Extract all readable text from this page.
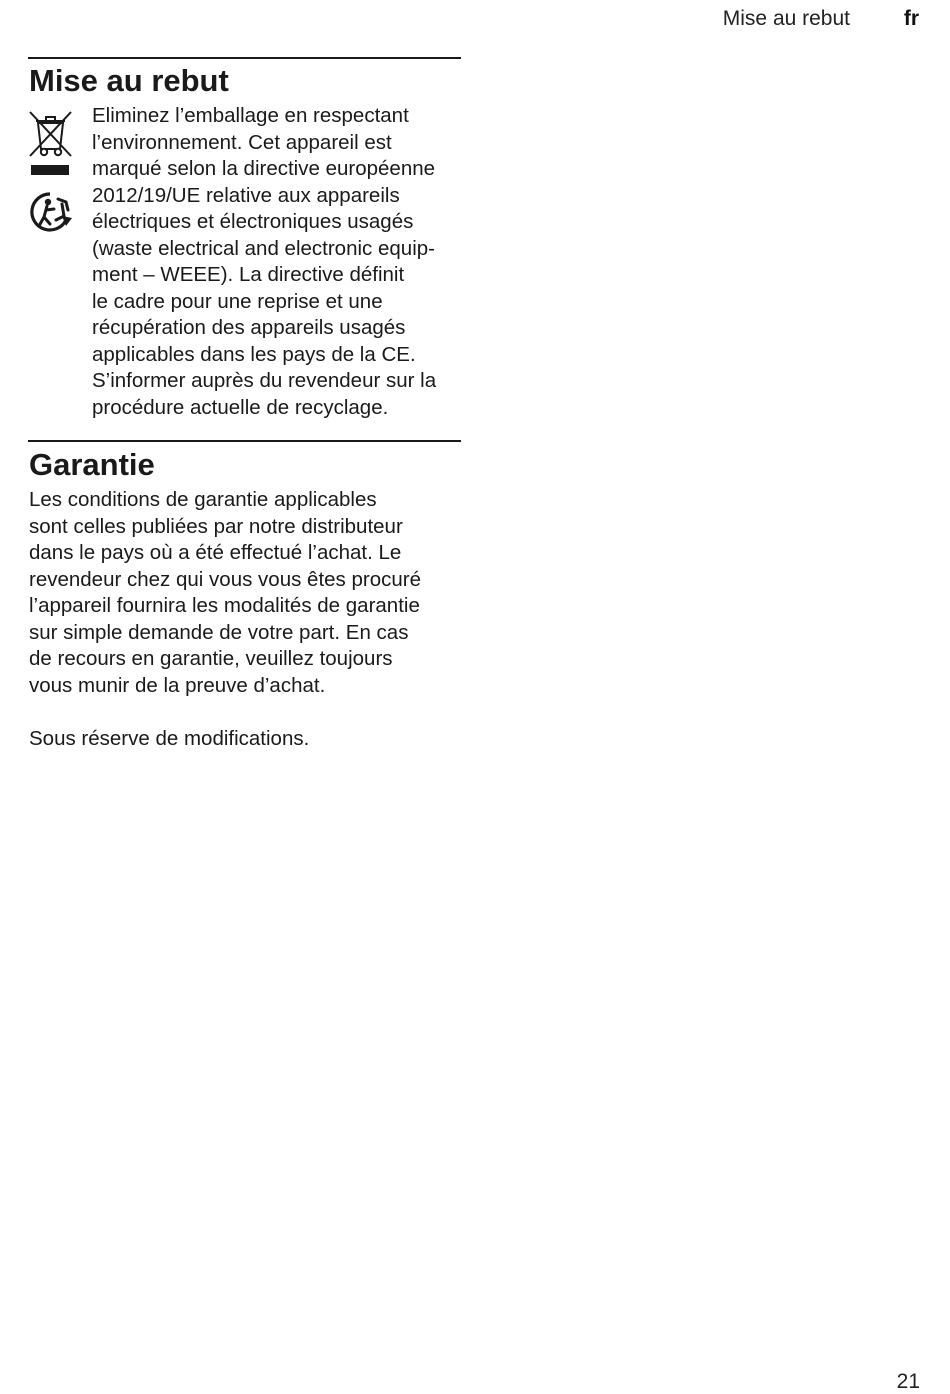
Mise au rebut	fr
Mise au rebut
Eliminez l’emballage en respectant
l’environnement. Cet appareil est
marqué selon la directive européenne
2012/19/UE relative aux appareils
électriques et électroniques usagés
(waste electrical and electronic equip-
ment – WEEE). La directive définit
le cadre pour une reprise et une
récupération des appareils usagés
applicables dans les pays de la CE.
S’informer auprès du revendeur sur la
procédure actuelle de recyclage.
Garantie
Les conditions de garantie applicables
sont celles publiées par notre distributeur
dans le pays où a été effectué l’achat. Le
revendeur chez qui vous vous êtes procuré
l’appareil fournira les modalités de garantie
sur simple demande de votre part. En cas
de recours en garantie, veuillez toujours
vous munir de la preuve d’achat.

Sous réserve de modifications.

21
